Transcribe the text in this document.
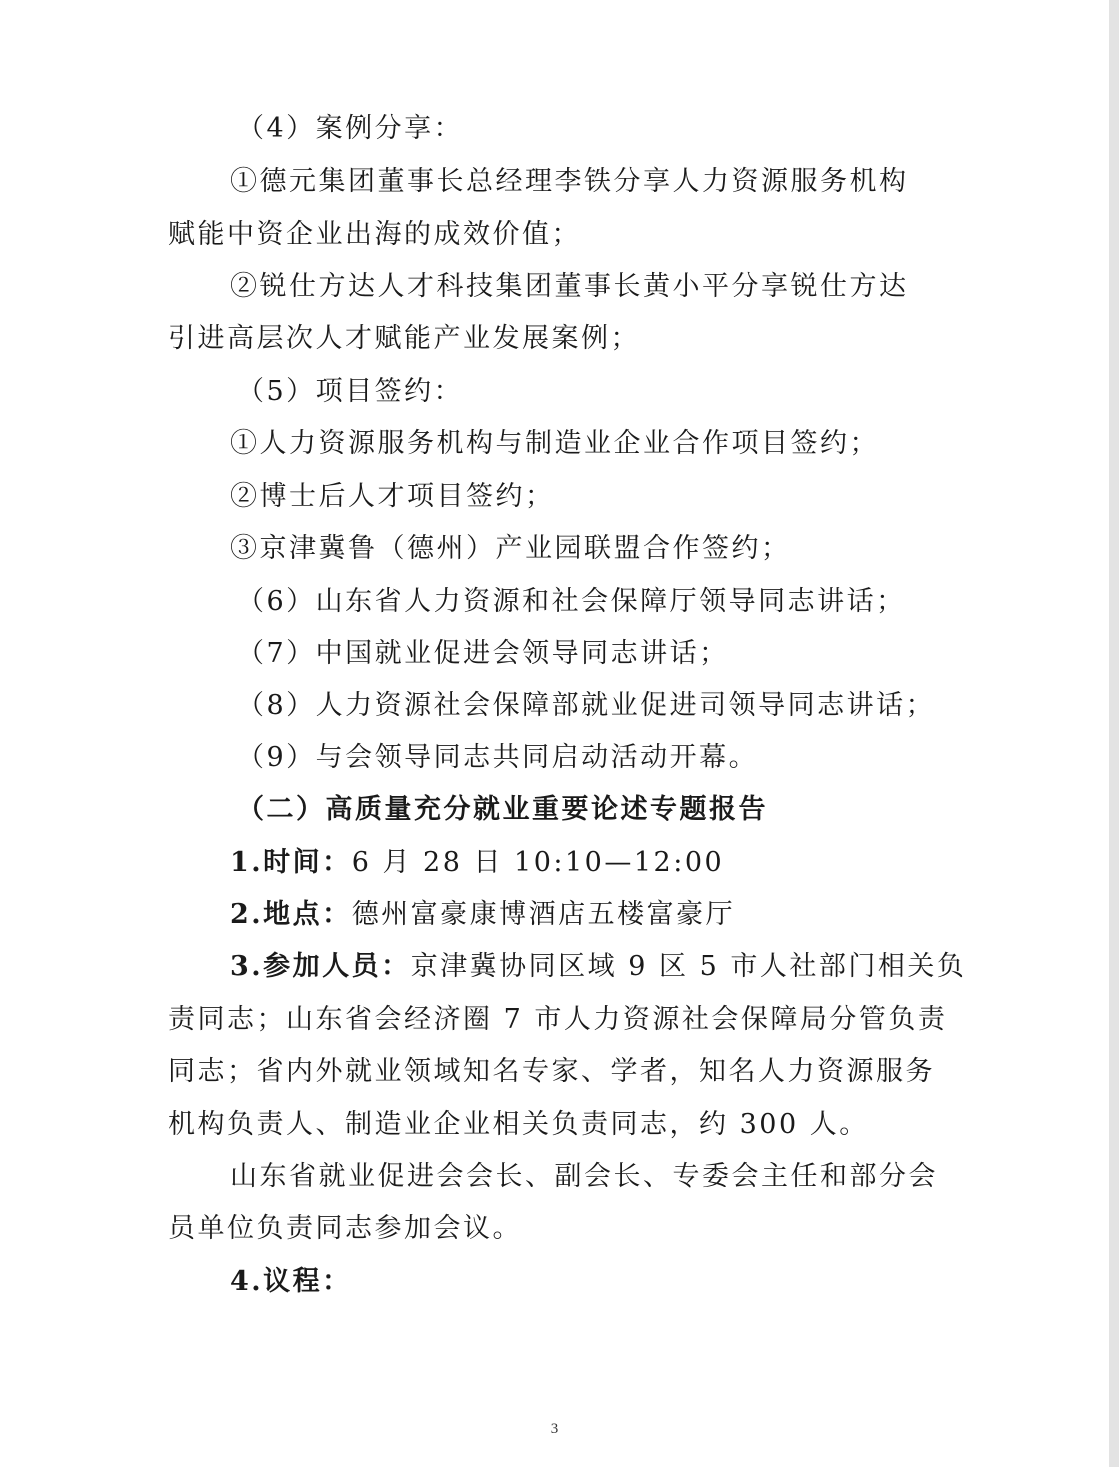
（4）案例分享：
①德元集团董事长总经理李铁分享人力资源服务机构
赋能中资企业出海的成效价值；
②锐仕方达人才科技集团董事长黄小平分享锐仕方达
引进高层次人才赋能产业发展案例；
（5）项目签约：
①人力资源服务机构与制造业企业合作项目签约；
②博士后人才项目签约；
③京津冀鲁（德州）产业园联盟合作签约；
（6）山东省人力资源和社会保障厅领导同志讲话；
（7）中国就业促进会领导同志讲话；
（8）人力资源社会保障部就业促进司领导同志讲话；
（9）与会领导同志共同启动活动开幕。
（二）高质量充分就业重要论述专题报告
1.时间：6 月 28 日 10:10—12:00
2.地点：德州富豪康博酒店五楼富豪厅
3.参加人员：京津冀协同区域 9 区 5 市人社部门相关负
责同志；山东省会经济圈 7 市人力资源社会保障局分管负责
同志；省内外就业领域知名专家、学者，知名人力资源服务
机构负责人、制造业企业相关负责同志，约 300 人。
山东省就业促进会会长、副会长、专委会主任和部分会
员单位负责同志参加会议。
4.议程：
3
